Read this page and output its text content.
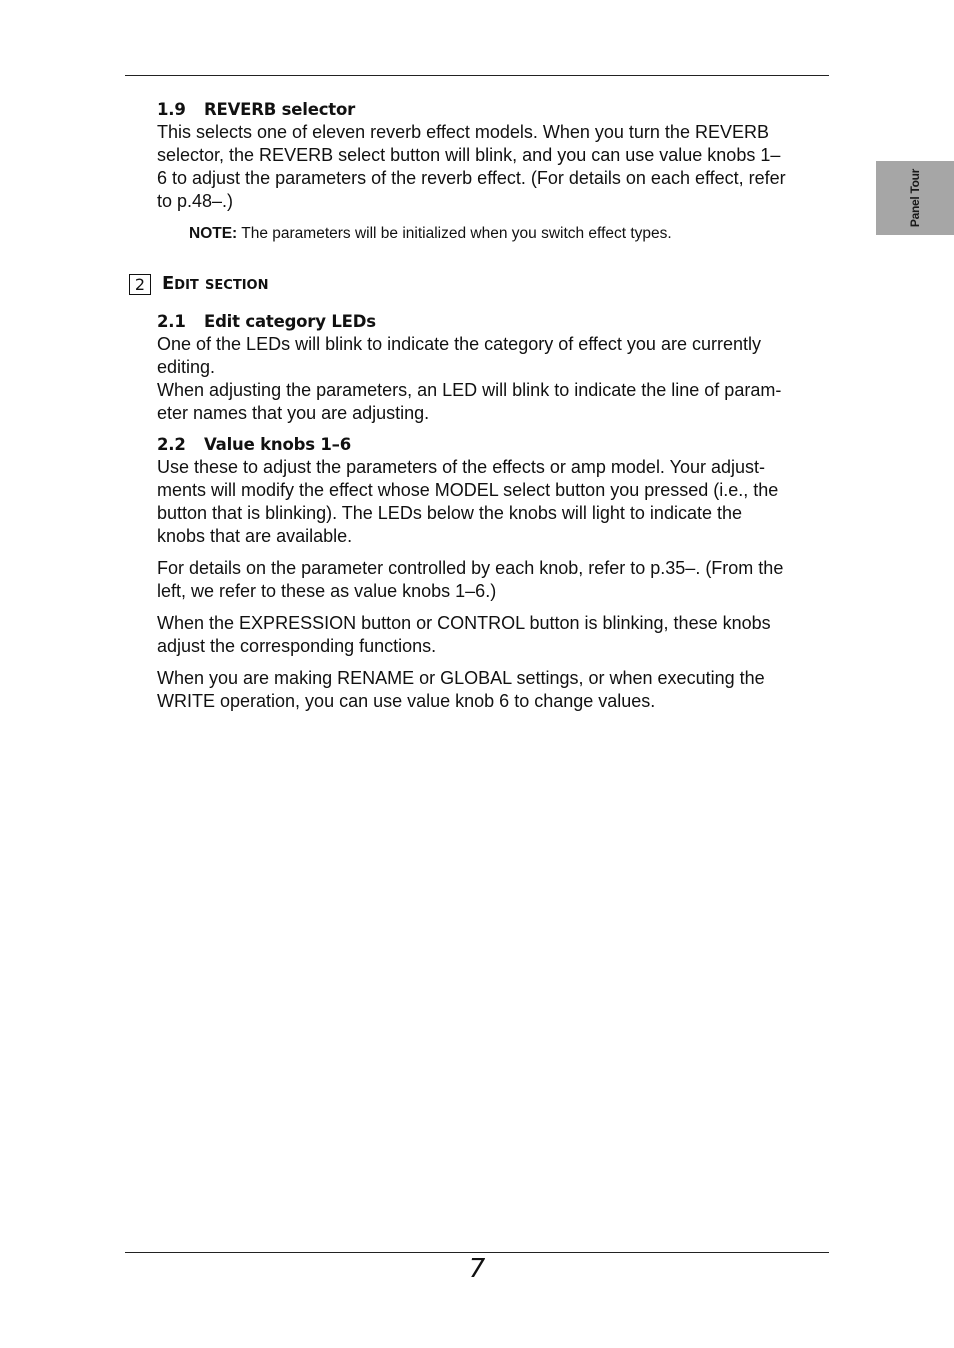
Panel Tour
1.9 REVERB selector

This selects one of eleven reverb effect models. When you turn the REVERB
selector, the REVERB select button will blink, and you can use value knobs 1–
6 to adjust the parameters of the reverb effect. (For details on each effect, refer
to p.48–.)

NOTE: The parameters will be initialized when you switch effect types.

2 Edit section
2.1 Edit category LEDs

One of the LEDs will blink to indicate the category of effect you are currently
editing.
When adjusting the parameters, an LED will blink to indicate the line of param-
eter names that you are adjusting.

2.2 Value knobs 1–6

Use these to adjust the parameters of the effects or amp model. Your adjust-
ments will modify the effect whose MODEL select button you pressed (i.e., the
button that is blinking). The LEDs below the knobs will light to indicate the
knobs that are available.

For details on the parameter controlled by each knob, refer to p.35–. (From the
left, we refer to these as value knobs 1–6.)

When the EXPRESSION button or CONTROL button is blinking, these knobs
adjust the corresponding functions.

When you are making RENAME or GLOBAL settings, or when executing the
WRITE operation, you can use value knob 6 to change values.

7
